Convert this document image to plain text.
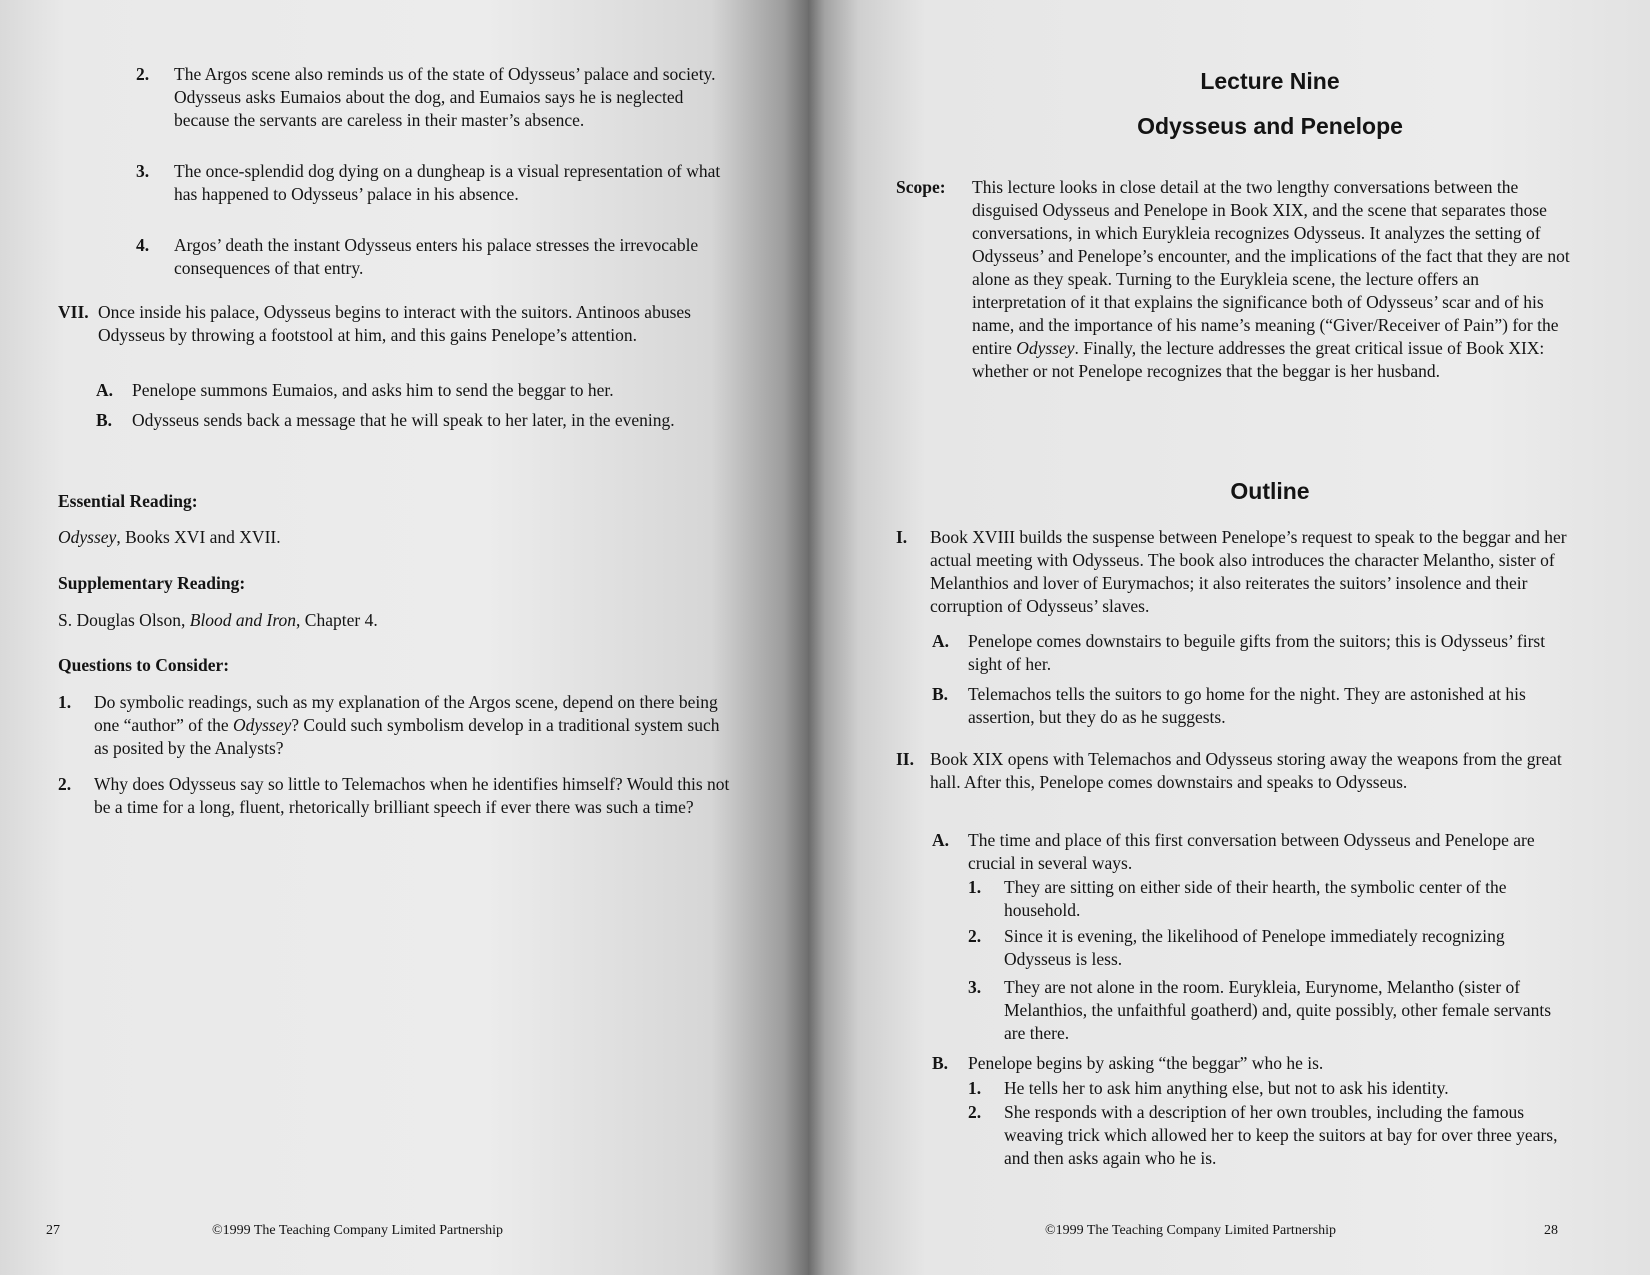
2. The Argos scene also reminds us of the state of Odysseus’ palace and society. Odysseus asks Eumaios about the dog, and Eumaios says he is neglected because the servants are careless in their master’s absence.
3. The once-splendid dog dying on a dungheap is a visual representation of what has happened to Odysseus’ palace in his absence.
4. Argos’ death the instant Odysseus enters his palace stresses the irrevocable consequences of that entry.
VII. Once inside his palace, Odysseus begins to interact with the suitors. Antinoos abuses Odysseus by throwing a footstool at him, and this gains Penelope’s attention.
A. Penelope summons Eumaios, and asks him to send the beggar to her.
B. Odysseus sends back a message that he will speak to her later, in the evening.
Essential Reading:
Odyssey, Books XVI and XVII.
Supplementary Reading:
S. Douglas Olson, Blood and Iron, Chapter 4.
Questions to Consider:
1. Do symbolic readings, such as my explanation of the Argos scene, depend on there being one “author” of the Odyssey? Could such symbolism develop in a traditional system such as posited by the Analysts?
2. Why does Odysseus say so little to Telemachos when he identifies himself? Would this not be a time for a long, fluent, rhetorically brilliant speech if ever there was such a time?
27	©1999 The Teaching Company Limited Partnership
Lecture Nine
Odysseus and Penelope
Scope: This lecture looks in close detail at the two lengthy conversations between the disguised Odysseus and Penelope in Book XIX, and the scene that separates those conversations, in which Eurykleia recognizes Odysseus. It analyzes the setting of Odysseus’ and Penelope’s encounter, and the implications of the fact that they are not alone as they speak. Turning to the Eurykleia scene, the lecture offers an interpretation of it that explains the significance both of Odysseus’ scar and of his name, and the importance of his name’s meaning (“Giver/Receiver of Pain”) for the entire Odyssey. Finally, the lecture addresses the great critical issue of Book XIX: whether or not Penelope recognizes that the beggar is her husband.
Outline
I. Book XVIII builds the suspense between Penelope’s request to speak to the beggar and her actual meeting with Odysseus. The book also introduces the character Melantho, sister of Melanthios and lover of Eurymachos; it also reiterates the suitors’ insolence and their corruption of Odysseus’ slaves.
A. Penelope comes downstairs to beguile gifts from the suitors; this is Odysseus’ first sight of her.
B. Telemachos tells the suitors to go home for the night. They are astonished at his assertion, but they do as he suggests.
II. Book XIX opens with Telemachos and Odysseus storing away the weapons from the great hall. After this, Penelope comes downstairs and speaks to Odysseus.
A. The time and place of this first conversation between Odysseus and Penelope are crucial in several ways.
1. They are sitting on either side of their hearth, the symbolic center of the household.
2. Since it is evening, the likelihood of Penelope immediately recognizing Odysseus is less.
3. They are not alone in the room. Eurykleia, Eurynome, Melantho (sister of Melanthios, the unfaithful goatherd) and, quite possibly, other female servants are there.
B. Penelope begins by asking “the beggar” who he is.
1. He tells her to ask him anything else, but not to ask his identity.
2. She responds with a description of her own troubles, including the famous weaving trick which allowed her to keep the suitors at bay for over three years, and then asks again who he is.
©1999 The Teaching Company Limited Partnership	28
